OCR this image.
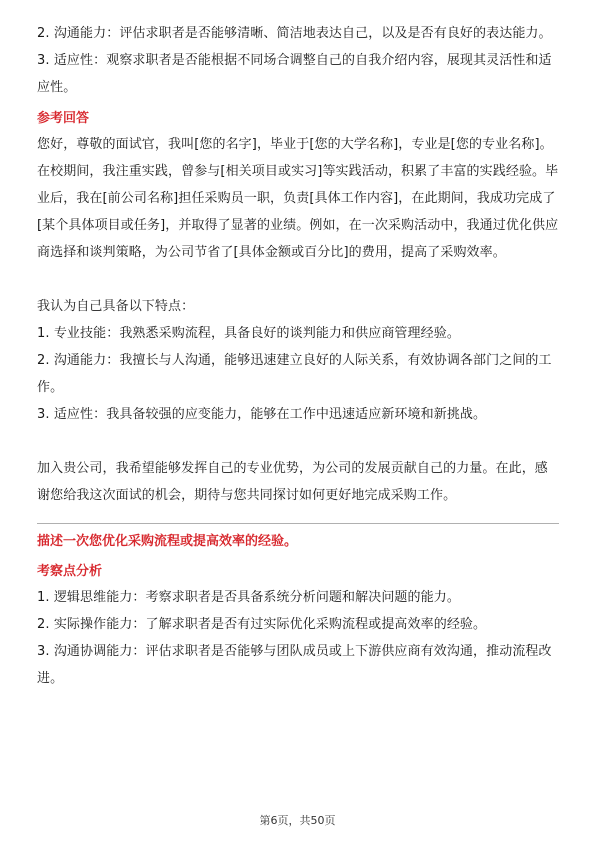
2. 沟通能力：评估求职者是否能够清晰、简洁地表达自己，以及是否有良好的表达能力。

3. 适应性：观察求职者是否能根据不同场合调整自己的自我介绍内容，展现其灵活性和适应性。

参考回答

您好，尊敬的面试官，我叫[您的名字]，毕业于[您的大学名称]，专业是[您的专业名称]。在校期间，我注重实践，曾参与[相关项目或实习]等实践活动，积累了丰富的实践经验。毕业后，我在[前公司名称]担任采购员一职，负责[具体工作内容]，在此期间，我成功完成了[某个具体项目或任务]，并取得了显著的业绩。例如，在一次采购活动中，我通过优化供应商选择和谈判策略，为公司节省了[具体金额或百分比]的费用，提高了采购效率。

我认为自己具备以下特点：

1. 专业技能：我熟悉采购流程，具备良好的谈判能力和供应商管理经验。

2. 沟通能力：我擅长与人沟通，能够迅速建立良好的人际关系，有效协调各部门之间的工作。

3. 适应性：我具备较强的应变能力，能够在工作中迅速适应新环境和新挑战。

加入贵公司，我希望能够发挥自己的专业优势，为公司的发展贡献自己的力量。在此，感谢您给我这次面试的机会，期待与您共同探讨如何更好地完成采购工作。

描述一次您优化采购流程或提高效率的经验。
考察点分析

1. 逻辑思维能力：考察求职者是否具备系统分析问题和解决问题的能力。

2. 实际操作能力：了解求职者是否有过实际优化采购流程或提高效率的经验。

3. 沟通协调能力：评估求职者是否能够与团队成员或上下游供应商有效沟通，推动流程改进。

第6页，共50页
